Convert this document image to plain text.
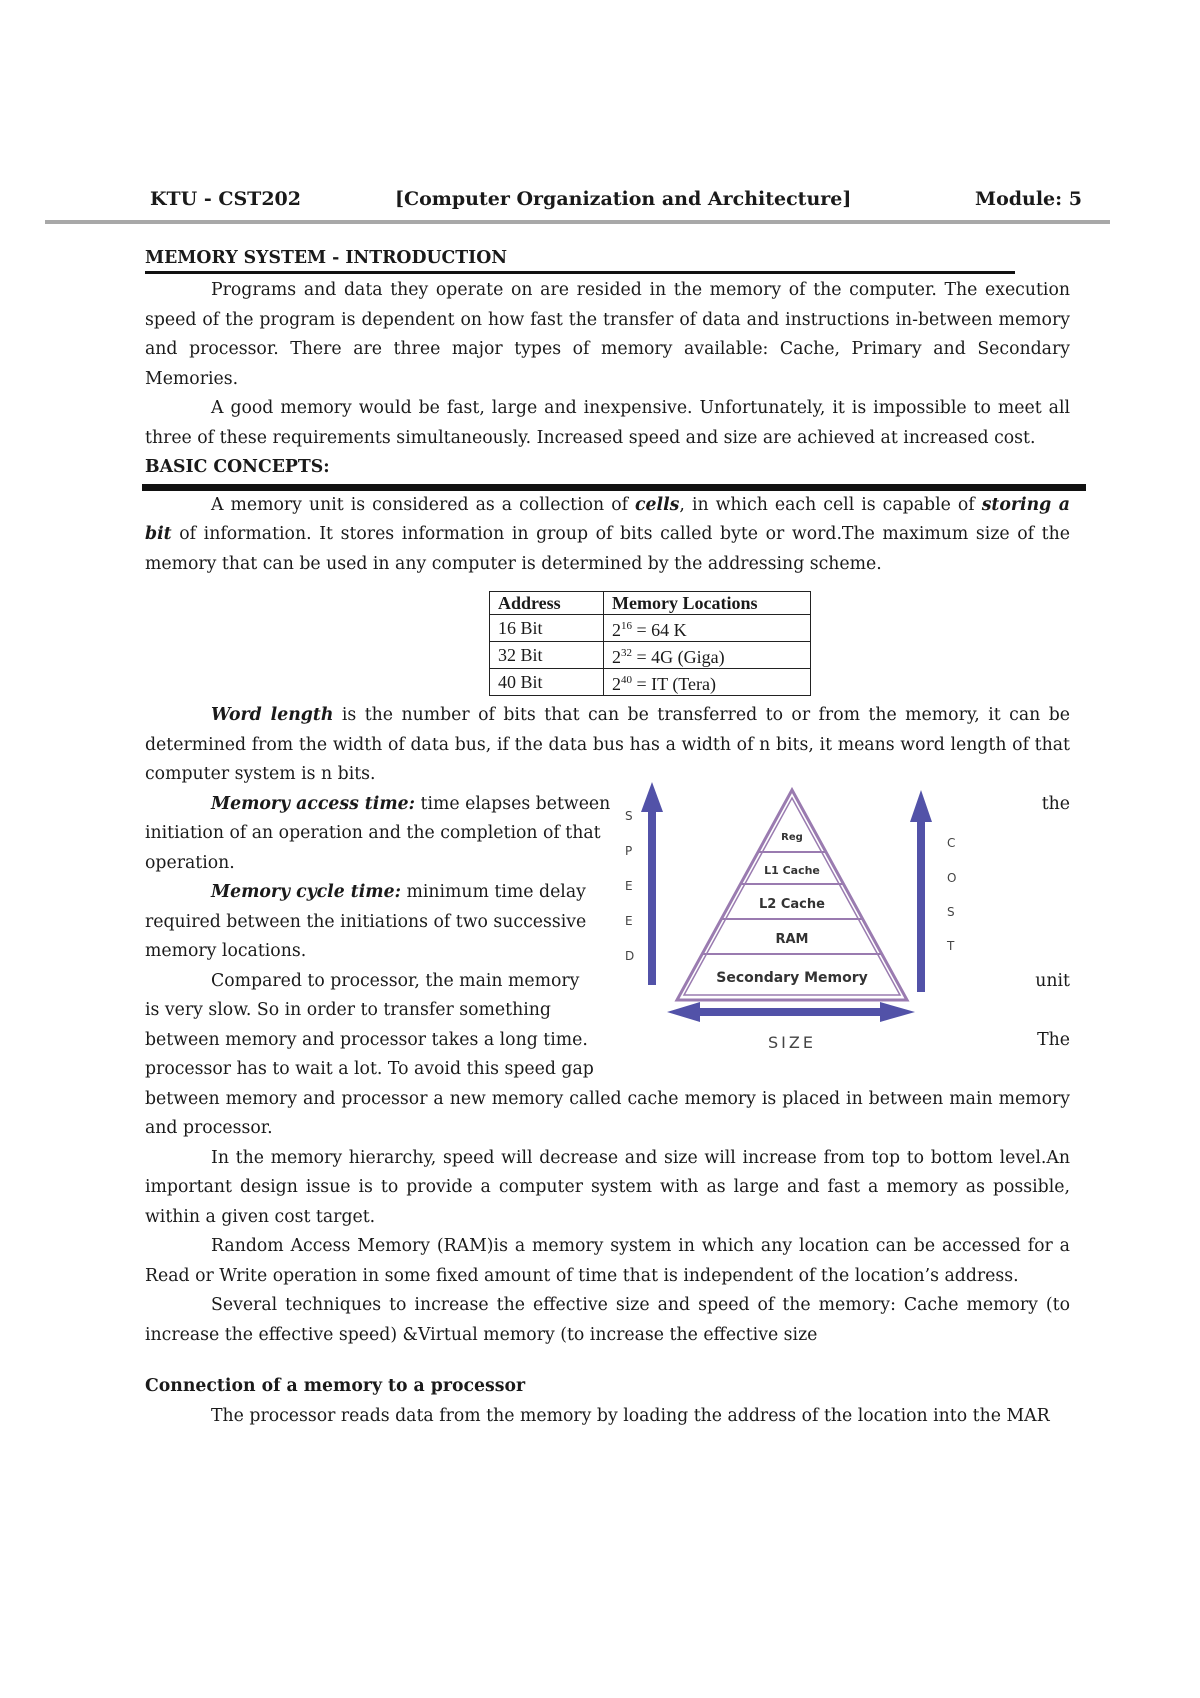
KTU - CST202	[Computer Organization and Architecture]	Module: 5
MEMORY SYSTEM - INTRODUCTION

Programs and data they operate on are resided in the memory of the computer. The execution speed of the program is dependent on how fast the transfer of data and instructions in-between memory and processor. There are three major types of memory available: Cache, Primary and Secondary Memories.

A good memory would be fast, large and inexpensive. Unfortunately, it is impossible to meet all three of these requirements simultaneously. Increased speed and size are achieved at increased cost.

BASIC CONCEPTS:

A memory unit is considered as a collection of cells, in which each cell is capable of storing a bit of information. It stores information in group of bits called byte or word.The maximum size of the memory that can be used in any computer is determined by the addressing scheme.

Address	Memory Locations
16 Bit	$2^{16} = 64$ K
32 Bit	$2^{32} = 4G$ (Giga)
40 Bit	$2^{40}$ = IT (Tera)

Word length is the number of bits that can be transferred to or from the memory, it can be determined from the width of data bus, if the data bus has a width of n bits, it means word length of that computer system is n bits.

Memory access time: time elapses between
initiation of an operation and the completion of that
operation.
Memory cycle time: minimum time delay
required between the initiations of two successive
memory locations.
Compared to processor, the main memory
is very slow. So in order to transfer something
between memory and processor takes a long time.
processor has to wait a lot. To avoid this speed gap
the
unit
The
Reg
L1 Cache
L2 Cache
RAM
Secondary Memory
S
P
E
E
D
C
O
S
T
SIZE

between memory and processor a new memory called cache memory is placed in between main memory and processor.

In the memory hierarchy, speed will decrease and size will increase from top to bottom level.An important design issue is to provide a computer system with as large and fast a memory as possible, within a given cost target.

Random Access Memory (RAM)is a memory system in which any location can be accessed for a Read or Write operation in some fixed amount of time that is independent of the location’s address.

Several techniques to increase the effective size and speed of the memory: Cache memory (to increase the effective speed) &Virtual memory (to increase the effective size

Connection of a memory to a processor

The processor reads data from the memory by loading the address of the location into the MAR
